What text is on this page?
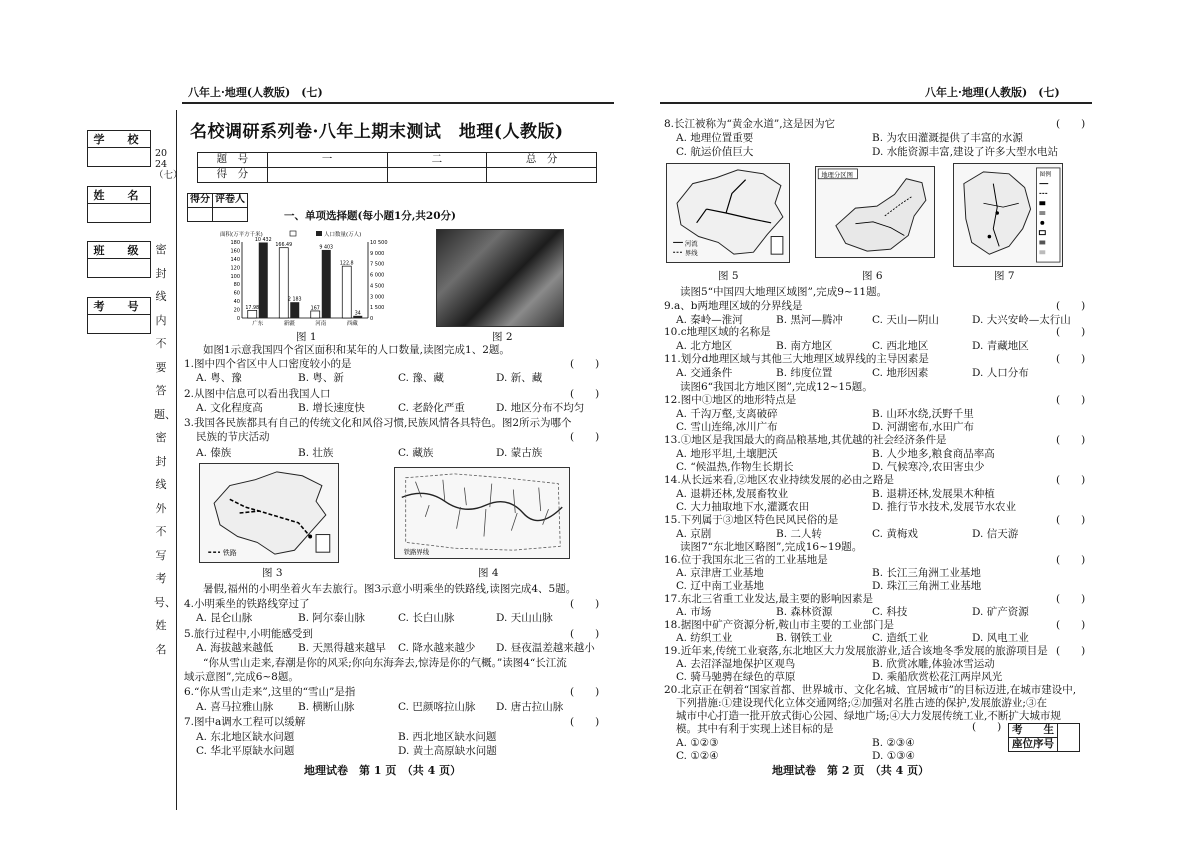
八年上·地理(人教版)　(七)	八年上·地理(人教版)　(七)
学　校
姓　名
班　级
考　号
2024（七）
密封线内不要答题、密封线外不写考号、姓名
名校调研系列卷·八年上期末测试　地理(人教版)
题　号	一	二	总　分
得　分			
得分	评卷人

一、单项选择题(每小题1分,共20分)
面积(万平方千米)	人口数量(万人)
0
20
40
60
80
100
120
140
160
180
0
1 500
3 000
4 500
6 000
7 500
9 000
10 500
17.98
10 432
广东
166.49
2 183
新疆
167
9 403
河南
122.8
34
西藏
图 1	图 2
如图1示意我国四个省区面积和某年的人口数量,读图完成1、2题。
1.图中四个省区中人口密度较小的是	(　　)
A. 粤、豫	B. 粤、新	C. 豫、藏	D. 新、藏
2.从图中信息可以看出我国人口	(　　)
A. 文化程度高	B. 增长速度快	C. 老龄化严重	D. 地区分布不均匀
3.我国各民族都具有自己的传统文化和风俗习惯,民族风情各具特色。图2所示为哪个
民族的节庆活动	(　　)
A. 傣族	B. 壮族	C. 藏族	D. 蒙古族
铁路
图 3
铁路界线
图 4
暑假,福州的小明坐着火车去旅行。图3示意小明乘坐的铁路线,读图完成4、5题。
4.小明乘坐的铁路线穿过了	(　　)
A. 昆仑山脉	B. 阿尔泰山脉	C. 长白山脉	D. 天山山脉
5.旅行过程中,小明能感受到	(　　)
A. 海拔越来越低 B. 天黑得越来越早 C. 降水越来越少 D. 昼夜温差越来越小
“你从雪山走来,春潮是你的风采;你向东海奔去,惊涛是你的气概。”读图4“长江流
域示意图”,完成6~8题。
6.“你从雪山走来”,这里的“雪山”是指	(　　)
A. 喜马拉雅山脉 B. 横断山脉	C. 巴颜喀拉山脉 D. 唐古拉山脉
7.图中a调水工程可以缓解	(　　)
A. 东北地区缺水问题	B. 西北地区缺水问题
C. 华北平原缺水问题	D. 黄土高原缺水问题
地理试卷　第 1 页　（共 4 页）
8.长江被称为“黄金水道”,这是因为它	(　　)
A. 地理位置重要	B. 为农田灌溉提供了丰富的水源
C. 航运价值巨大	D. 水能资源丰富,建设了许多大型水电站
河流
界线
图 5
地理分区图
图 6
图例
图 7
读图5“中国四大地理区域图”,完成9~11题。
9.a、b两地理区域的分界线是	(　　)
A. 秦岭—淮河	B. 黑河—腾冲	C. 天山—阴山	D. 大兴安岭—太行山
10.c地理区域的名称是	(　　)
A. 北方地区	B. 南方地区	C. 西北地区	D. 青藏地区
11.划分d地理区域与其他三大地理区域界线的主导因素是	(　　)
A. 交通条件	B. 纬度位置	C. 地形因素	D. 人口分布
读图6“我国北方地区图”,完成12~15题。
12.图中①地区的地形特点是	(　　)
A. 千沟万壑,支离破碎	B. 山环水绕,沃野千里
C. 雪山连绵,冰川广布	D. 河湖密布,水田广布
13.①地区是我国最大的商品粮基地,其优越的社会经济条件是	(　　)
A. 地形平坦,土壤肥沃	B. 人少地多,粮食商品率高
C. “候温热,作物生长期长	D. 气候寒冷,农田害虫少
14.从长远来看,②地区农业持续发展的必由之路是	(　　)
A. 退耕还林,发展畜牧业	B. 退耕还林,发展果木种植
C. 大力抽取地下水,灌溉农田	D. 推行节水技术,发展节水农业
15.下列属于③地区特色民风民俗的是	(　　)
A. 京剧	B. 二人转	C. 黄梅戏	D. 信天游
读图7“东北地区略图”,完成16~19题。
16.位于我国东北三省的工业基地是	(　　)
A. 京津唐工业基地	B. 长江三角洲工业基地
C. 辽中南工业基地	D. 珠江三角洲工业基地
17.东北三省重工业发达,最主要的影响因素是	(　　)
A. 市场	B. 森林资源	C. 科技	D. 矿产资源
18.据图中矿产资源分析,鞍山市主要的工业部门是	(　　)
A. 纺织工业	B. 钢铁工业	C. 造纸工业	D. 风电工业
19.近年来,传统工业衰落,东北地区大力发展旅游业,适合该地冬季发展的旅游项目是 (　　)
A. 去沼泽湿地保护区观鸟	B. 欣赏冰雕,体验冰雪运动
C. 骑马驰骋在绿色的草原	D. 乘船欣赏松花江两岸风光
20.北京正在朝着“国家首都、世界城市、文化名城、宜居城市”的目标迈进,在城市建设中,
下列措施:①建设现代化立体交通网络;②加强对名胜古迹的保护,发展旅游业;③在
城市中心打造一批开放式街心公园、绿地广场;④大力发展传统工业,不断扩大城市规
模。其中有利于实现上述目标的是	(　　)
A. ①②③	B. ②③④
C. ①②④	D. ①③④
考　　生	
座位序号
地理试卷　第 2 页　（共 4 页）
